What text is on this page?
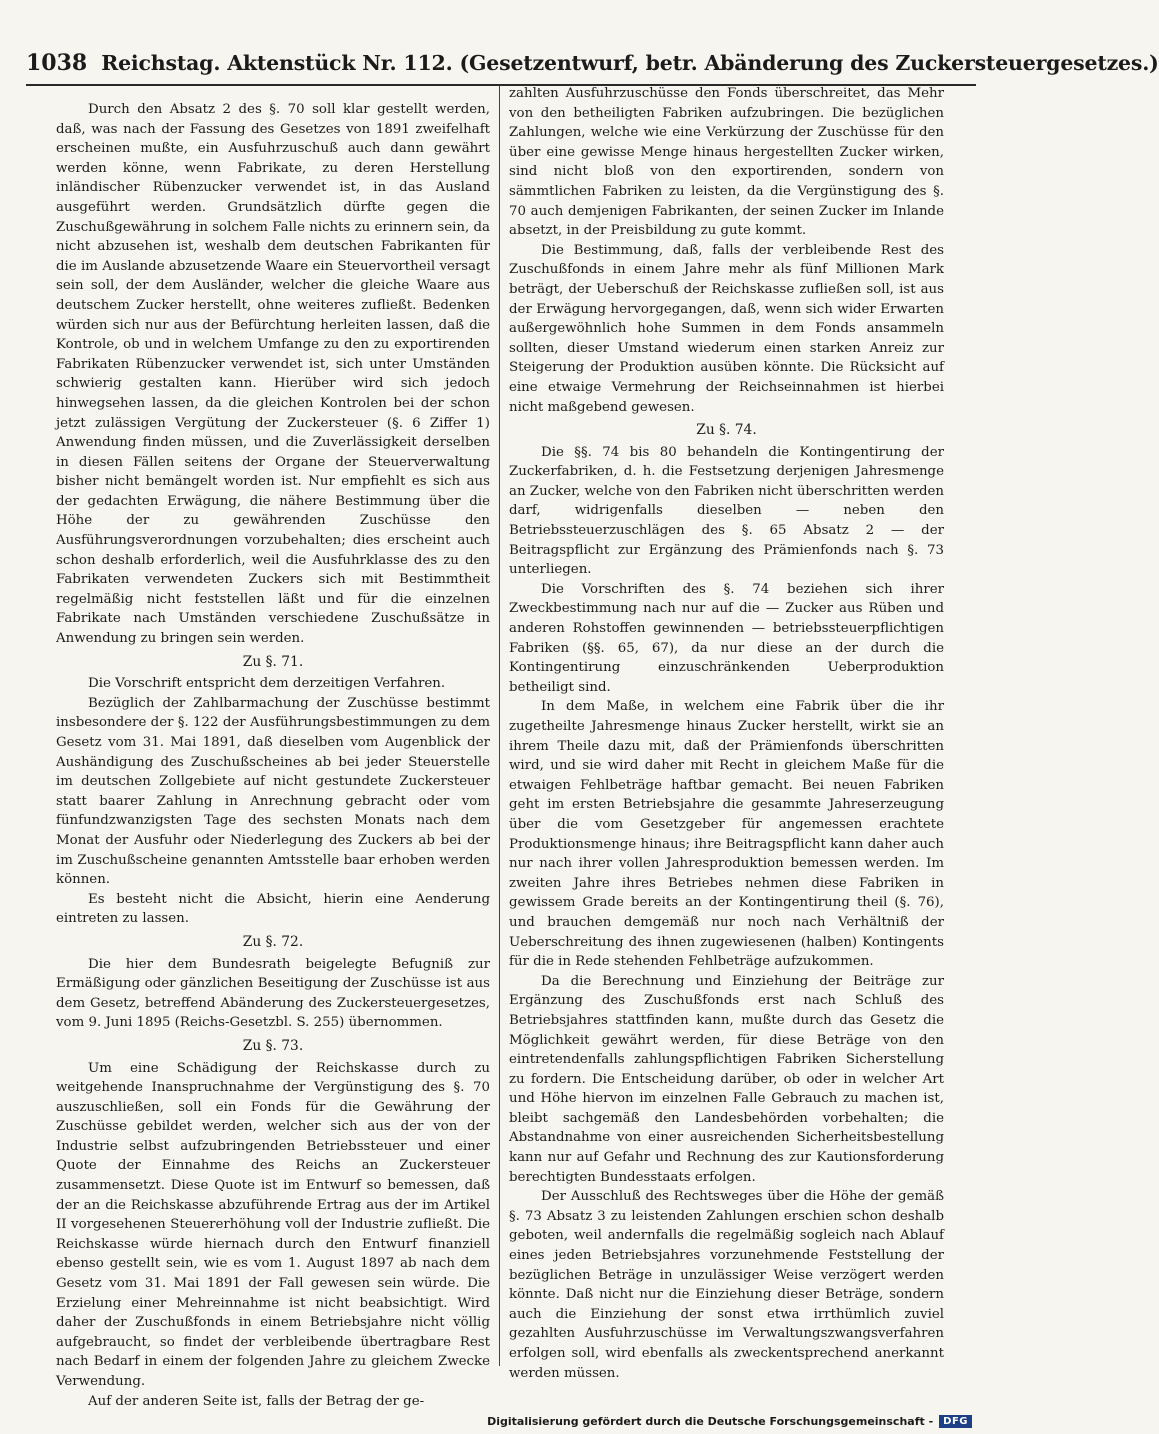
1038 Reichstag. Aktenstück Nr. 112. (Gesetzentwurf, betr. Abänderung des Zuckersteuergesetzes.)

Durch den Absatz 2 des §. 70 soll klar gestellt werden, daß, was nach der Fassung des Gesetzes von 1891 zweifelhaft erscheinen mußte, ein Ausfuhrzuschuß auch dann gewährt werden könne, wenn Fabrikate, zu deren Herstellung inländischer Rübenzucker verwendet ist, in das Ausland ausgeführt werden. Grundsätzlich dürfte gegen die Zuschußgewährung in solchem Falle nichts zu erinnern sein, da nicht abzusehen ist, weshalb dem deutschen Fabrikanten für die im Auslande abzusetzende Waare ein Steuervortheil versagt sein soll, der dem Ausländer, welcher die gleiche Waare aus deutschem Zucker herstellt, ohne weiteres zufließt. Bedenken würden sich nur aus der Befürchtung herleiten lassen, daß die Kontrole, ob und in welchem Umfange zu den zu exportirenden Fabrikaten Rübenzucker verwendet ist, sich unter Umständen schwierig gestalten kann. Hierüber wird sich jedoch hinwegsehen lassen, da die gleichen Kontrolen bei der schon jetzt zulässigen Vergütung der Zuckersteuer (§. 6 Ziffer 1) Anwendung finden müssen, und die Zuverlässigkeit derselben in diesen Fällen seitens der Organe der Steuerverwaltung bisher nicht bemängelt worden ist. Nur empfiehlt es sich aus der gedachten Erwägung, die nähere Bestimmung über die Höhe der zu gewährenden Zuschüsse den Ausführungsverordnungen vorzubehalten; dies erscheint auch schon deshalb erforderlich, weil die Ausfuhrklasse des zu den Fabrikaten verwendeten Zuckers sich mit Bestimmtheit regelmäßig nicht feststellen läßt und für die einzelnen Fabrikate nach Umständen verschiedene Zuschußsätze in Anwendung zu bringen sein werden.

Zu §. 71.

Die Vorschrift entspricht dem derzeitigen Verfahren.

Bezüglich der Zahlbarmachung der Zuschüsse bestimmt insbesondere der §. 122 der Ausführungsbestimmungen zu dem Gesetz vom 31. Mai 1891, daß dieselben vom Augenblick der Aushändigung des Zuschußscheines ab bei jeder Steuerstelle im deutschen Zollgebiete auf nicht gestundete Zuckersteuer statt baarer Zahlung in Anrechnung gebracht oder vom fünfundzwanzigsten Tage des sechsten Monats nach dem Monat der Ausfuhr oder Niederlegung des Zuckers ab bei der im Zuschußscheine genannten Amtsstelle baar erhoben werden können.

Es besteht nicht die Absicht, hierin eine Aenderung eintreten zu lassen.

Zu §. 72.

Die hier dem Bundesrath beigelegte Befugniß zur Ermäßigung oder gänzlichen Beseitigung der Zuschüsse ist aus dem Gesetz, betreffend Abänderung des Zuckersteuergesetzes, vom 9. Juni 1895 (Reichs-Gesetzbl. S. 255) übernommen.

Zu §. 73.

Um eine Schädigung der Reichskasse durch zu weitgehende Inanspruchnahme der Vergünstigung des §. 70 auszuschließen, soll ein Fonds für die Gewährung der Zuschüsse gebildet werden, welcher sich aus der von der Industrie selbst aufzubringenden Betriebssteuer und einer Quote der Einnahme des Reichs an Zuckersteuer zusammensetzt. Diese Quote ist im Entwurf so bemessen, daß der an die Reichskasse abzuführende Ertrag aus der im Artikel II vorgesehenen Steuererhöhung voll der Industrie zufließt. Die Reichskasse würde hiernach durch den Entwurf finanziell ebenso gestellt sein, wie es vom 1. August 1897 ab nach dem Gesetz vom 31. Mai 1891 der Fall gewesen sein würde. Die Erzielung einer Mehreinnahme ist nicht beabsichtigt. Wird daher der Zuschußfonds in einem Betriebsjahre nicht völlig aufgebraucht, so findet der verbleibende übertragbare Rest nach Bedarf in einem der folgenden Jahre zu gleichem Zwecke Verwendung.

Auf der anderen Seite ist, falls der Betrag der ge-

zahlten Ausfuhrzuschüsse den Fonds überschreitet, das Mehr von den betheiligten Fabriken aufzubringen. Die bezüglichen Zahlungen, welche wie eine Verkürzung der Zuschüsse für den über eine gewisse Menge hinaus hergestellten Zucker wirken, sind nicht bloß von den exportirenden, sondern von sämmtlichen Fabriken zu leisten, da die Vergünstigung des §. 70 auch demjenigen Fabrikanten, der seinen Zucker im Inlande absetzt, in der Preisbildung zu gute kommt.

Die Bestimmung, daß, falls der verbleibende Rest des Zuschußfonds in einem Jahre mehr als fünf Millionen Mark beträgt, der Ueberschuß der Reichskasse zufließen soll, ist aus der Erwägung hervorgegangen, daß, wenn sich wider Erwarten außergewöhnlich hohe Summen in dem Fonds ansammeln sollten, dieser Umstand wiederum einen starken Anreiz zur Steigerung der Produktion ausüben könnte. Die Rücksicht auf eine etwaige Vermehrung der Reichseinnahmen ist hierbei nicht maßgebend gewesen.

Zu §. 74.

Die §§. 74 bis 80 behandeln die Kontingentirung der Zuckerfabriken, d. h. die Festsetzung derjenigen Jahresmenge an Zucker, welche von den Fabriken nicht überschritten werden darf, widrigenfalls dieselben — neben den Betriebssteuerzuschlägen des §. 65 Absatz 2 — der Beitragspflicht zur Ergänzung des Prämienfonds nach §. 73 unterliegen.

Die Vorschriften des §. 74 beziehen sich ihrer Zweckbestimmung nach nur auf die — Zucker aus Rüben und anderen Rohstoffen gewinnenden — betriebssteuerpflichtigen Fabriken (§§. 65, 67), da nur diese an der durch die Kontingentirung einzuschränkenden Ueberproduktion betheiligt sind.

In dem Maße, in welchem eine Fabrik über die ihr zugetheilte Jahresmenge hinaus Zucker herstellt, wirkt sie an ihrem Theile dazu mit, daß der Prämienfonds überschritten wird, und sie wird daher mit Recht in gleichem Maße für die etwaigen Fehlbeträge haftbar gemacht. Bei neuen Fabriken geht im ersten Betriebsjahre die gesammte Jahreserzeugung über die vom Gesetzgeber für angemessen erachtete Produktionsmenge hinaus; ihre Beitragspflicht kann daher auch nur nach ihrer vollen Jahresproduktion bemessen werden. Im zweiten Jahre ihres Betriebes nehmen diese Fabriken in gewissem Grade bereits an der Kontingentirung theil (§. 76), und brauchen demgemäß nur noch nach Verhältniß der Ueberschreitung des ihnen zugewiesenen (halben) Kontingents für die in Rede stehenden Fehlbeträge aufzukommen.

Da die Berechnung und Einziehung der Beiträge zur Ergänzung des Zuschußfonds erst nach Schluß des Betriebsjahres stattfinden kann, mußte durch das Gesetz die Möglichkeit gewährt werden, für diese Beträge von den eintretendenfalls zahlungspflichtigen Fabriken Sicherstellung zu fordern. Die Entscheidung darüber, ob oder in welcher Art und Höhe hiervon im einzelnen Falle Gebrauch zu machen ist, bleibt sachgemäß den Landesbehörden vorbehalten; die Abstandnahme von einer ausreichenden Sicherheitsbestellung kann nur auf Gefahr und Rechnung des zur Kautionsforderung berechtigten Bundesstaats erfolgen.

Der Ausschluß des Rechtsweges über die Höhe der gemäß §. 73 Absatz 3 zu leistenden Zahlungen erschien schon deshalb geboten, weil andernfalls die regelmäßig sogleich nach Ablauf eines jeden Betriebsjahres vorzunehmende Feststellung der bezüglichen Beträge in unzulässiger Weise verzögert werden könnte. Daß nicht nur die Einziehung dieser Beträge, sondern auch die Einziehung der sonst etwa irrthümlich zuviel gezahlten Ausfuhrzuschüsse im Verwaltungszwangsverfahren erfolgen soll, wird ebenfalls als zweckentsprechend anerkannt werden müssen.

Digitalisierung gefördert durch die Deutsche Forschungsgemeinschaft -	DFG
